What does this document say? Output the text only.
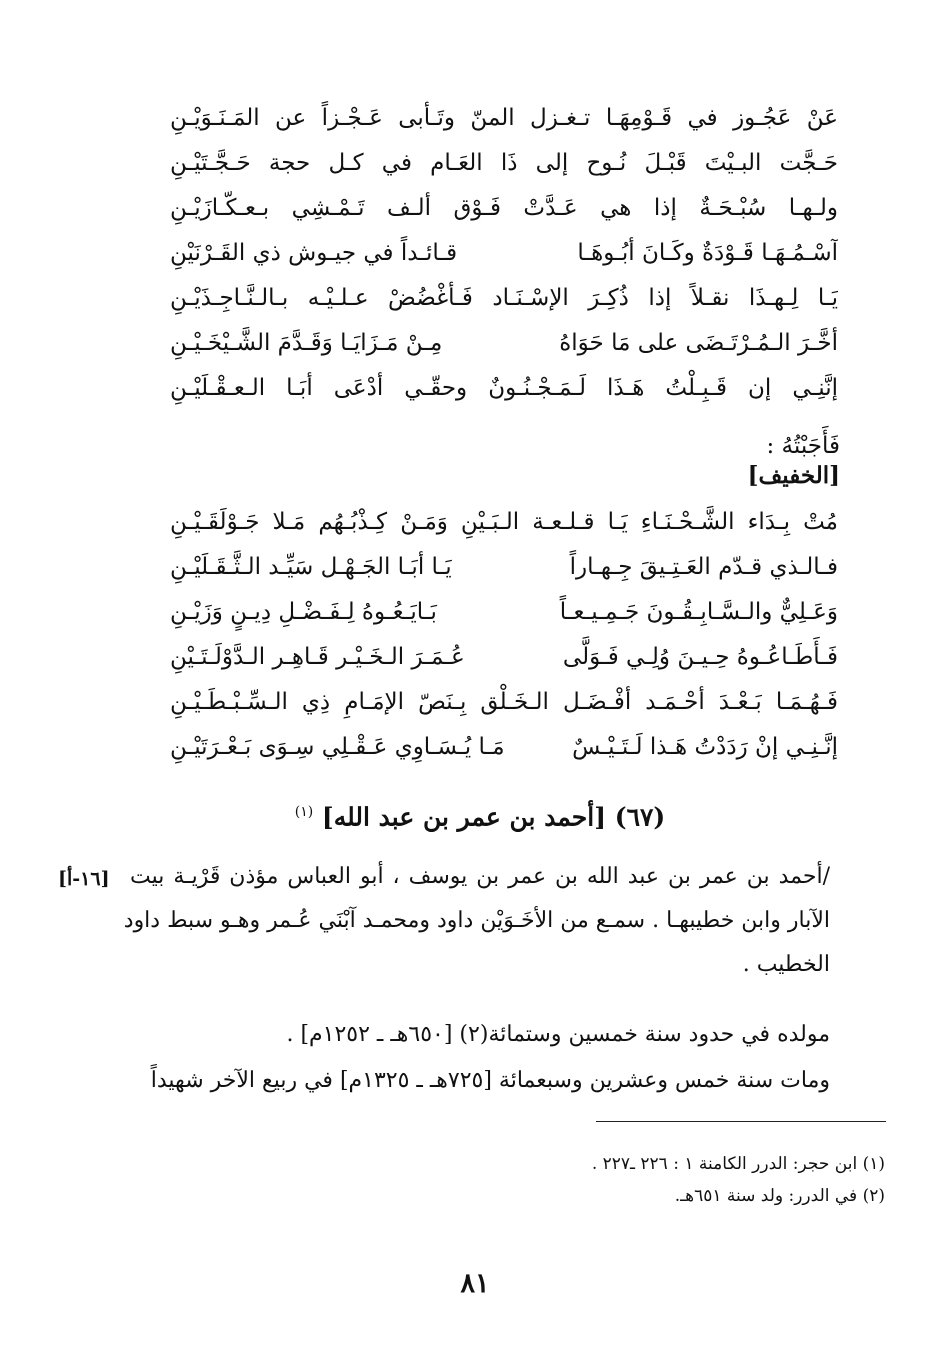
عَنْ عَجُـوز في قَـوْمِهَـا تـغـزل المنّ وتَـأبى عَـجْـزاً عن المَـنَـوَيْـنِ
حَـجَّت البـيْتَ قَبْـلَ نُـوح إلى ذَا العَـام في كـل حجة حَـجَّـتَيْـنِ
ولـهـا سُبْـحَـةٌ إذا هي عَـدَّتْ فَـوْق ألـف تَـمْـشِي بـعـكّـازَيْـنِ
آسْـمُـهَـا قَـوْدَةٌ وكَـانَ أبُـوهَـا
قـائـداً في جيـوش ذي القَـرْنَيْنِ
يَـا لِـهـذَا نقـلاً إذا ذُكِـرَ الإسْـنَـاد فَـأغْضُضْ عـلـيْـه بـالـنَّـاجِـذَيْـنِ
أخَّـرَ الـمُـرْتَـضَى على مَا حَوَاهُ
مِـنْ مَـزَايَـا وَقَـدَّمَ الشَّـيْخَـيْـنِ
إنَّنِـي إن قَـبِـلْتُ هَـذَا لَـمَـجْـنُـونٌ وحقّـي أدْعَى أبَـا الـعـقْـلَيْـنِ
فَأَجَبْتُهُ :
[الخفيف]
مُتْ بِـدَاء الشَّـحْـنَـاءِ يَـا قـلـعـة الـبَـيْنِ وَمَـنْ كِـذْبُـهُم مَـلا جَـوْلَقَـيْـنِ
فـالـذي قـدّم العَـتِـيقَ جِـهـاراً
يَـا أبَـا الجَـهْـل سَيِّـد الـثَّـقَـلَيْـنِ
وَعَـلِيٌّ والـسَّـابِـقُـونَ جَـمِـيـعـاً
بَـايَـعُـوهُ لِـفَـضْـلِ دِيـنٍ وَزَيْـنِ
فَـأَطَـاعُـوهُ حِـيـنَ وُلِـي فَـوَلَّى
عُـمَـرَ الـخَـيْـر قَـاهِـر الـدَّوْلَـتَـيْنِ
فَـهُـمَـا بَـعْـدَ أحْـمَـد أفْـضَـل الـخَـلْق بِـنَصّ الإمَـامِ ذِي الـسِّـبْـطَـيْـنِ
إنَّـنِـي إنْ رَدَدْتُ هَـذا لَـتَـيْـسٌ
مَـا يُـسَـاوِي عَـقْـلِي سِـوَى بَـعْـرَتَيْـنِ
(٦٧) [أحمد بن عمر بن عبد الله] $^{(١)}$
[١٦-أ] /أحمد بن عمر بن عبد الله بن عمر بن يوسف ، أبو العباس مؤذن قَرْيـة بيت
الآبار وابن خطيبهـا . سمـع من الأخَـوَيْن داود ومحمـد آبْنَي عُـمر وهـو سبط داود
الخطيب .
مولده في حدود سنة خمسين وستمائة(٢) [٦٥٠هـ ـ ١٢٥٢م] .
ومات سنة خمس وعشرين وسبعمائة [٧٢٥هـ ـ ١٣٢٥م] في ربيع الآخر شهيداً
(١) ابن حجر: الدرر الكامنة ١ : ٢٢٦ ـ٢٢٧ .
(٢) في الدرر: ولد سنة ٦٥١هـ.
٨١
